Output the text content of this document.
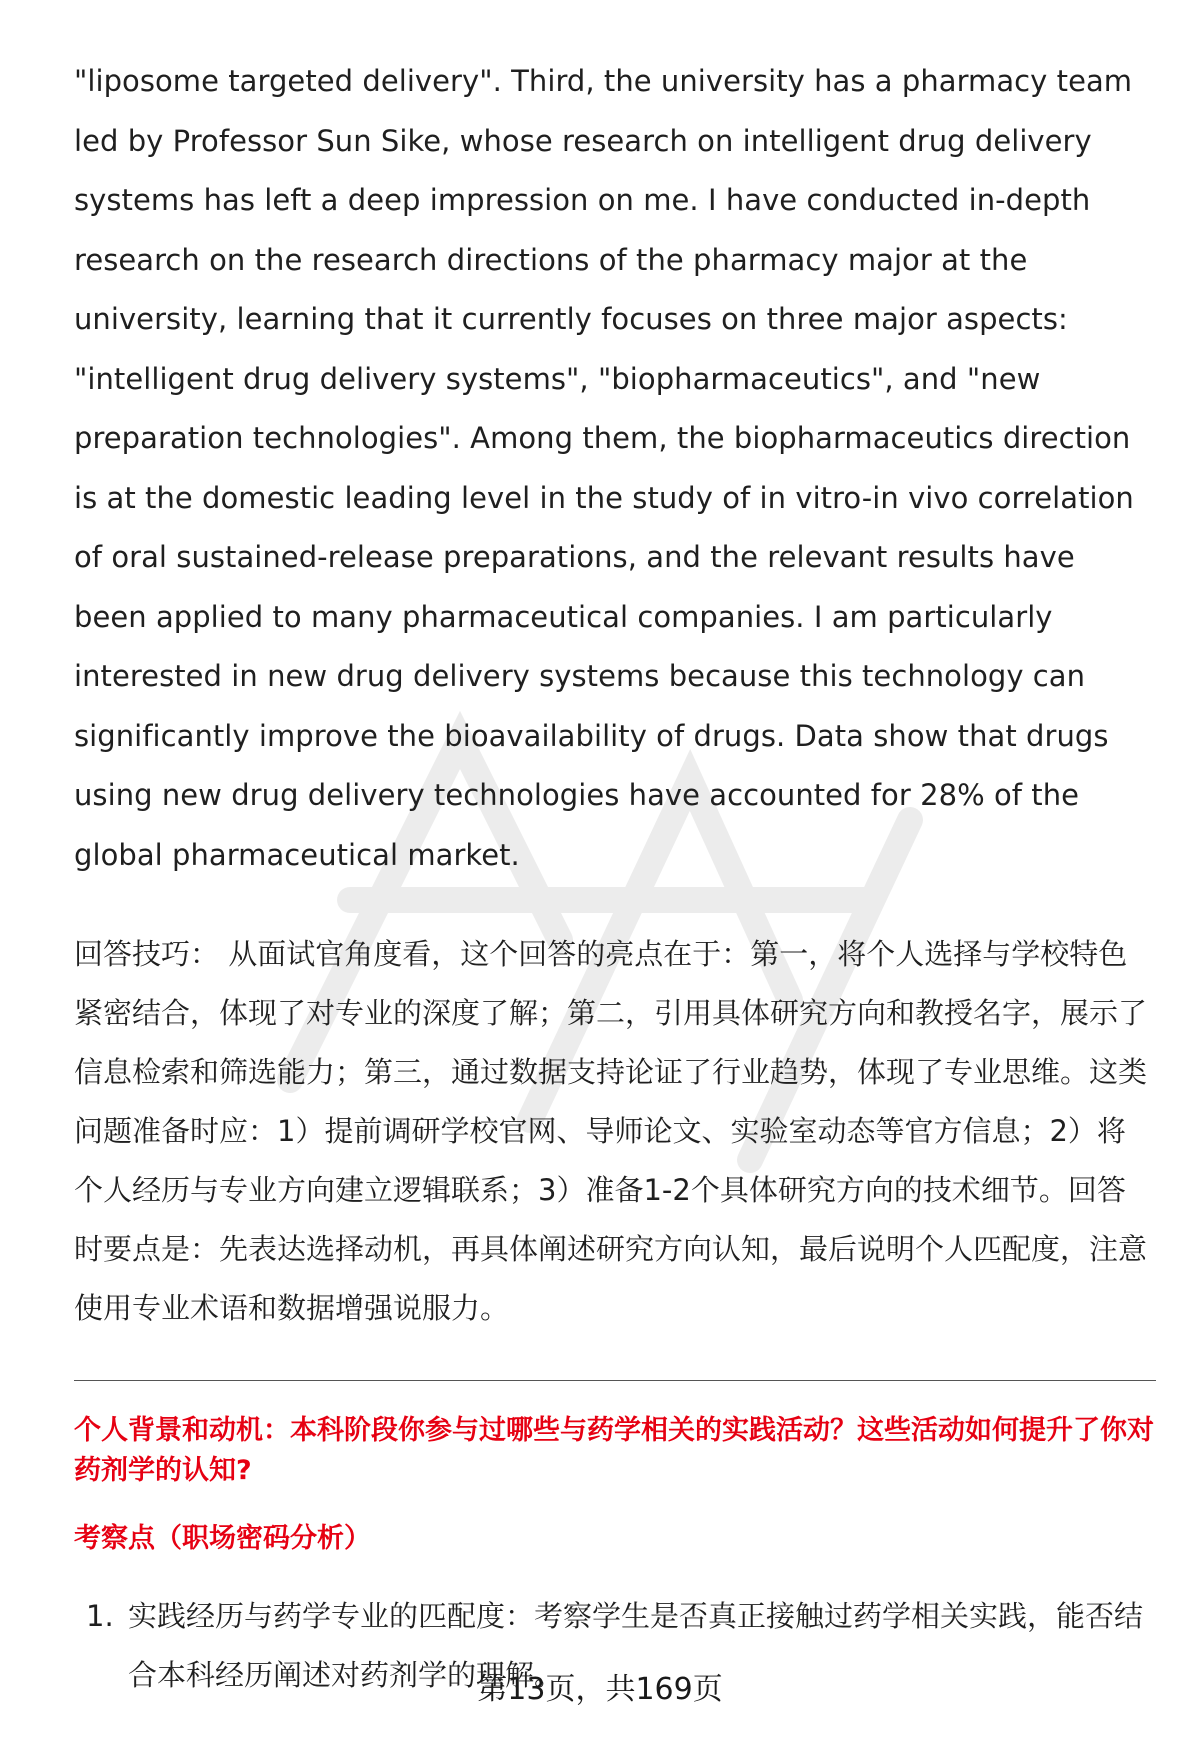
"liposome targeted delivery". Third, the university has a pharmacy team led by Professor Sun Sike, whose research on intelligent drug delivery systems has left a deep impression on me. I have conducted in-depth research on the research directions of the pharmacy major at the university, learning that it currently focuses on three major aspects: "intelligent drug delivery systems", "biopharmaceutics", and "new preparation technologies". Among them, the biopharmaceutics direction is at the domestic leading level in the study of in vitro-in vivo correlation of oral sustained-release preparations, and the relevant results have been applied to many pharmaceutical companies. I am particularly interested in new drug delivery systems because this technology can significantly improve the bioavailability of drugs. Data show that drugs using new drug delivery technologies have accounted for 28% of the global pharmaceutical market.

回答技巧： 从面试官角度看，这个回答的亮点在于：第一，将个人选择与学校特色紧密结合，体现了对专业的深度了解；第二，引用具体研究方向和教授名字，展示了信息检索和筛选能力；第三，通过数据支持论证了行业趋势，体现了专业思维。这类问题准备时应：1）提前调研学校官网、导师论文、实验室动态等官方信息；2）将个人经历与专业方向建立逻辑联系；3）准备1-2个具体研究方向的技术细节。回答时要点是：先表达选择动机，再具体阐述研究方向认知，最后说明个人匹配度，注意使用专业术语和数据增强说服力。

个人背景和动机：本科阶段你参与过哪些与药学相关的实践活动？这些活动如何提升了你对药剂学的认知?
考察点（职场密码分析）
1. 实践经历与药学专业的匹配度：考察学生是否真正接触过药学相关实践，能否结合本科经历阐述对药剂学的理解。
第13页，共169页
